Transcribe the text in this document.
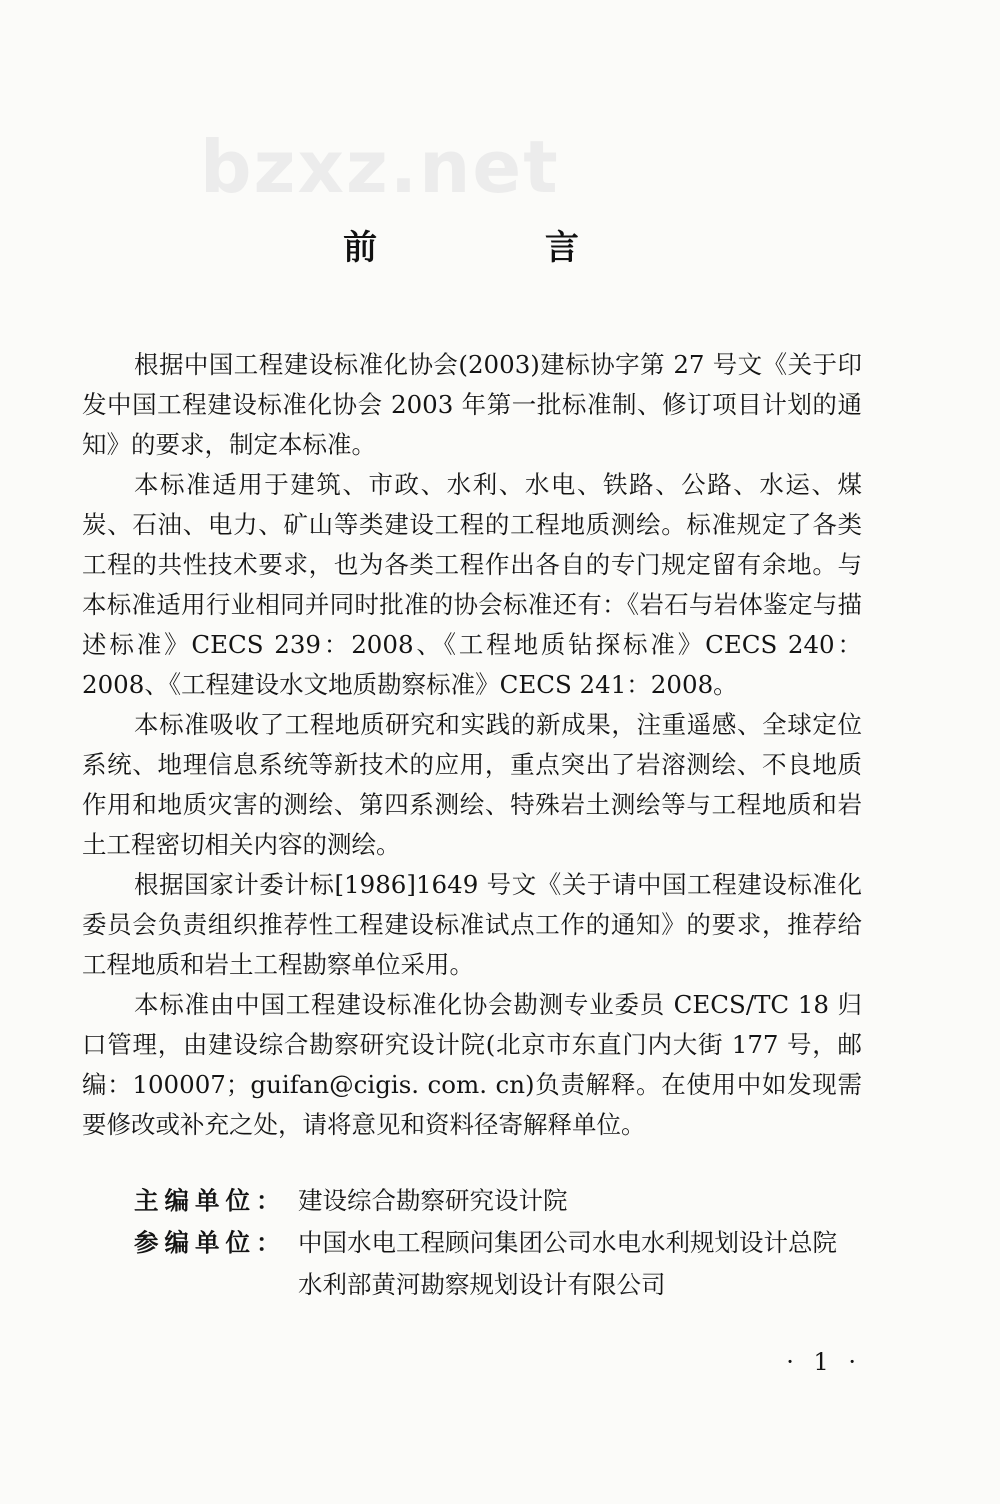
bzxz.net
前 言

根据中国工程建设标准化协会(2003)建标协字第 27 号文《关于印发中国工程建设标准化协会 2003 年第一批标准制、修订项目计划的通知》的要求，制定本标准。

本标准适用于建筑、市政、水利、水电、铁路、公路、水运、煤炭、石油、电力、矿山等类建设工程的工程地质测绘。标准规定了各类工程的共性技术要求，也为各类工程作出各自的专门规定留有余地。与本标准适用行业相同并同时批准的协会标准还有：《岩石与岩体鉴定与描述标准》CECS 239：2008、《工程地质钻探标准》CECS 240：2008、《工程建设水文地质勘察标准》CECS 241：2008。

本标准吸收了工程地质研究和实践的新成果，注重遥感、全球定位系统、地理信息系统等新技术的应用，重点突出了岩溶测绘、不良地质作用和地质灾害的测绘、第四系测绘、特殊岩土测绘等与工程地质和岩土工程密切相关内容的测绘。

根据国家计委计标[1986]1649 号文《关于请中国工程建设标准化委员会负责组织推荐性工程建设标准试点工作的通知》的要求，推荐给工程地质和岩土工程勘察单位采用。

本标准由中国工程建设标准化协会勘测专业委员 CECS/TC 18 归口管理，由建设综合勘察研究设计院(北京市东直门内大街 177 号，邮编：100007；guifan@cigis. com. cn)负责解释。在使用中如发现需要修改或补充之处，请将意见和资料径寄解释单位。

主编单位： 建设综合勘察研究设计院
参编单位： 中国水电工程顾问集团公司水电水利规划设计总院
水利部黄河勘察规划设计有限公司
· 1 ·
